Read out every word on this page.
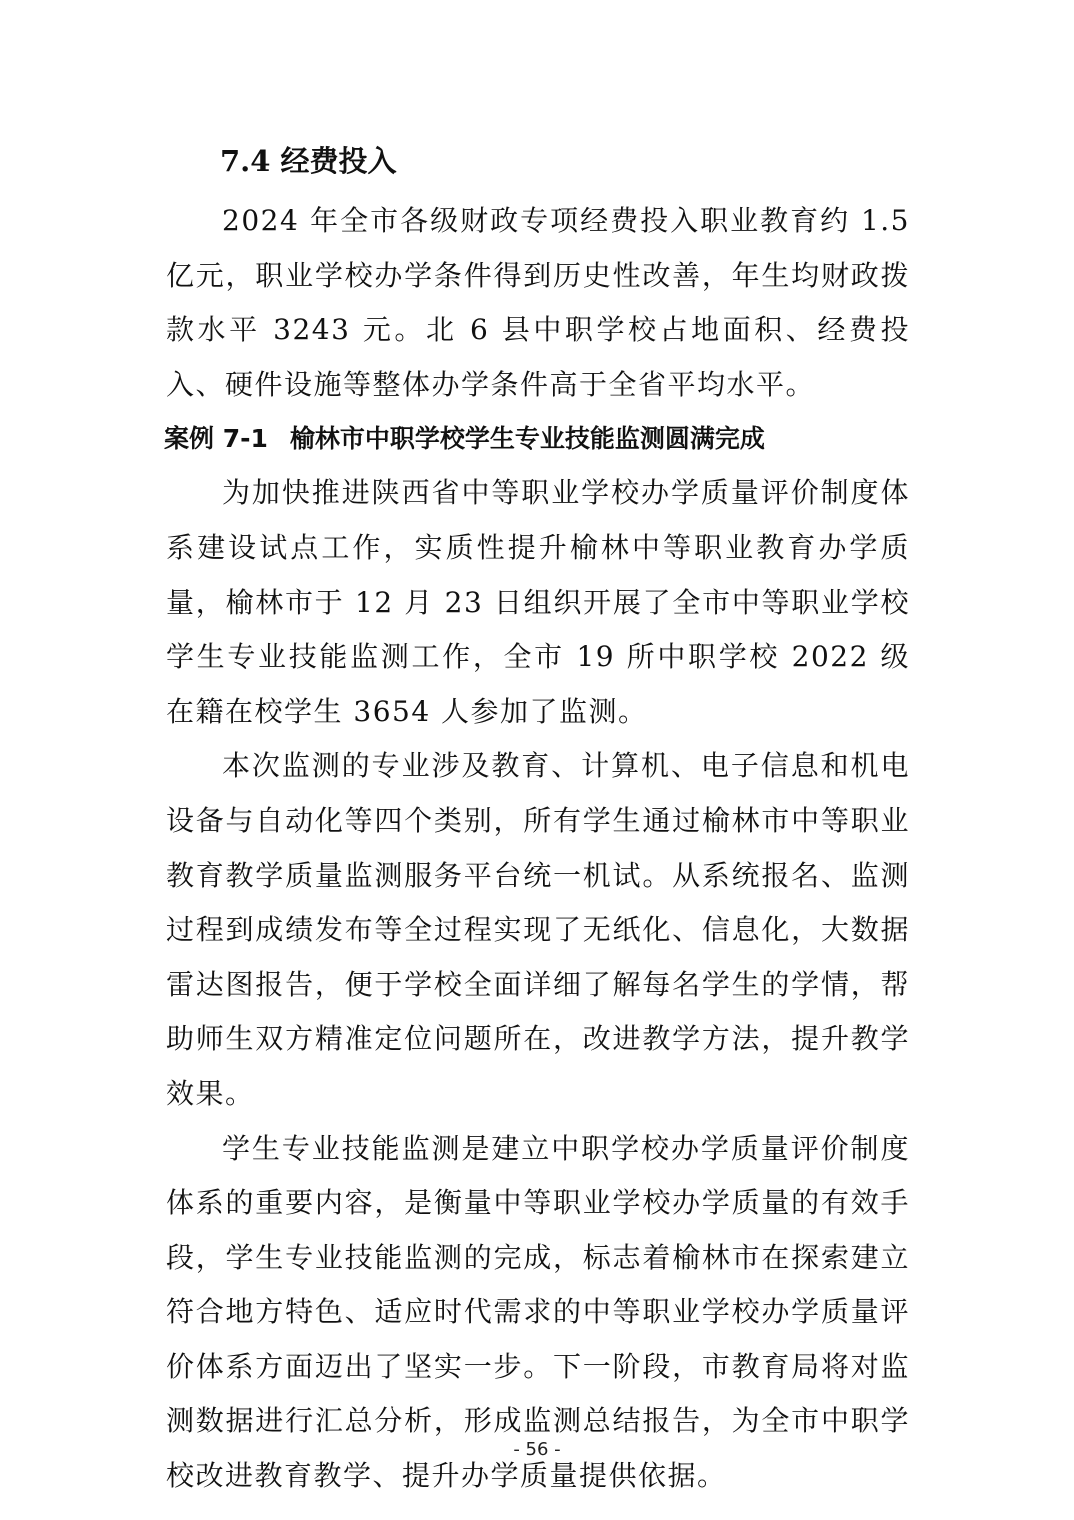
7.4 经费投入

2024 年全市各级财政专项经费投入职业教育约 1.5 亿元，职业学校办学条件得到历史性改善，年生均财政拨款水平 3243 元。北 6 县中职学校占地面积、经费投入、硬件设施等整体办学条件高于全省平均水平。

案例 7-1 榆林市中职学校学生专业技能监测圆满完成

为加快推进陕西省中等职业学校办学质量评价制度体系建设试点工作，实质性提升榆林中等职业教育办学质量，榆林市于 12 月 23 日组织开展了全市中等职业学校学生专业技能监测工作，全市 19 所中职学校 2022 级在籍在校学生 3654 人参加了监测。

本次监测的专业涉及教育、计算机、电子信息和机电设备与自动化等四个类别，所有学生通过榆林市中等职业教育教学质量监测服务平台统一机试。从系统报名、监测过程到成绩发布等全过程实现了无纸化、信息化，大数据雷达图报告，便于学校全面详细了解每名学生的学情，帮助师生双方精准定位问题所在，改进教学方法，提升教学效果。

学生专业技能监测是建立中职学校办学质量评价制度体系的重要内容，是衡量中等职业学校办学质量的有效手段，学生专业技能监测的完成，标志着榆林市在探索建立符合地方特色、适应时代需求的中等职业学校办学质量评价体系方面迈出了坚实一步。下一阶段，市教育局将对监测数据进行汇总分析，形成监测总结报告，为全市中职学校改进教育教学、提升办学质量提供依据。

- 56 -
